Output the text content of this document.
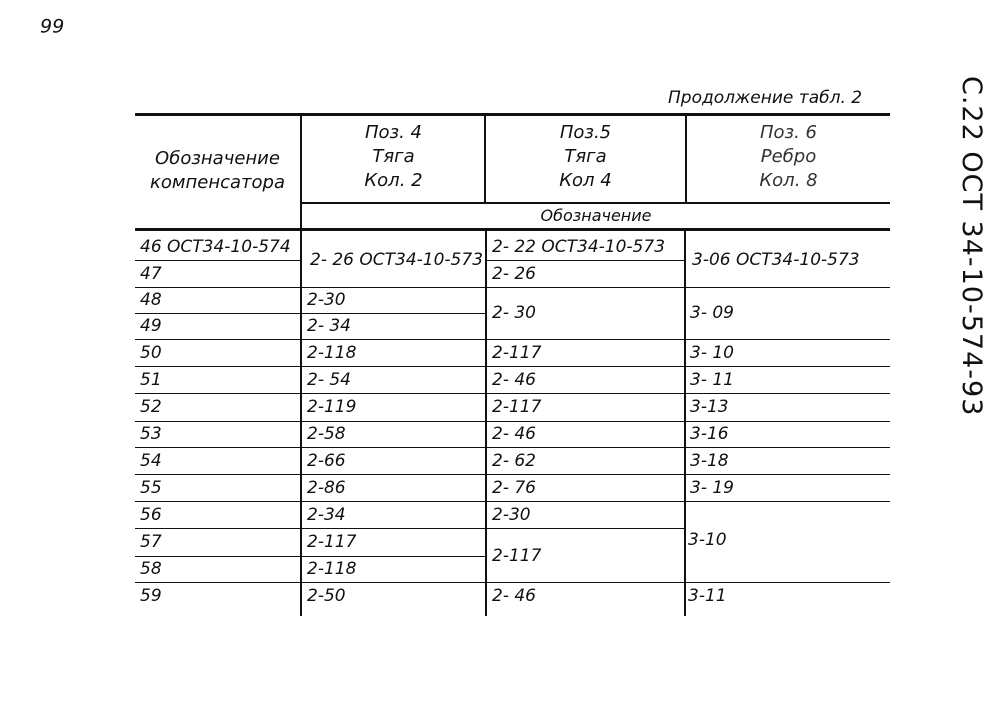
66
С.22 ОСТ 34-10-574-93
Продолжение табл. 2
Обозначение
компенсатора
Поз. 4
Тяга
Кол. 2
Поз.5
Тяга
Кол 4
Поз. 6
Ребро
Кол. 8
Обозначение
46 ОСТ34-10-574
47
48
49
50
51
52
53
54
55
56
57
58
59
2- 26 ОСТ34-10-573
2-30
2- 34
2-118
2- 54
2-119
2-58
2-66
2-86
2-34
2-117
2-118
2-50
2- 22 ОСТ34-10-573
2- 26
2- 30
2-117
2- 46
2-117
2- 46
2- 62
2- 76
2-30
2-117
2- 46
3-06 ОСТ34-10-573
3- 09
3- 10
3- 11
3-13
3-16
3-18
3- 19
3-10
3-11
